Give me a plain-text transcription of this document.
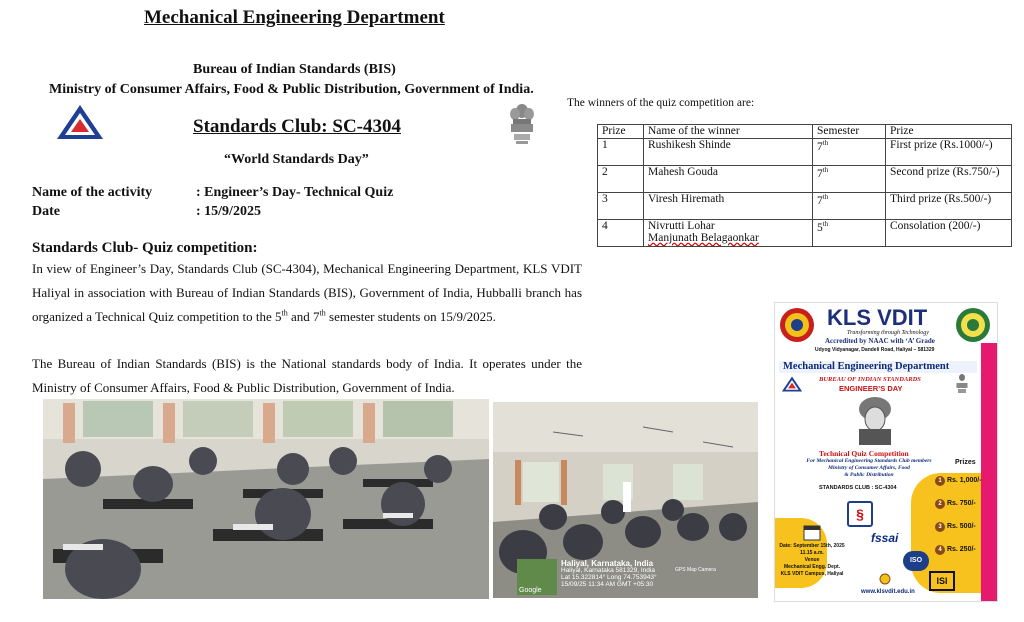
Mechanical Engineering Department
Bureau of Indian Standards (BIS)
Ministry of Consumer Affairs, Food & Public Distribution, Government of India.
Standards Club: SC-4304
“World Standards Day”
Name of the activity	: Engineer’s Day- Technical Quiz
Date	: 15/9/2025
Standards Club- Quiz competition:
In view of Engineer’s Day, Standards Club (SC-4304), Mechanical Engineering Department, KLS VDIT Haliyal in association with Bureau of Indian Standards (BIS), Government of India, Hubballi branch has organized a Technical Quiz competition to the 5th and 7th semester students on 15/9/2025.
The Bureau of Indian Standards (BIS) is the National standards body of India. It operates under the Ministry of Consumer Affairs, Food & Public Distribution, Government of India.
The winners of the quiz competition are:
Prize	Name of the winner	Semester	Prize
1	Rushikesh Shinde	7th	First prize (Rs.1000/-)
2	Mahesh Gouda	7th	Second prize (Rs.750/-)
3	Viresh Hiremath	7th	Third prize (Rs.500/-)
4	Nivrutti Lohar
Manjunath Belagaonkar	5th	Consolation (200/-)
Google
Haliyal, Karnataka, India
Haliyal, Karnataka 581329, India
Lat 15.322814° Long 74.753943°
15/09/25 11:34 AM GMT +05:30
GPS Map Camera
KLS VDIT
Transforming through Technology
Accredited by NAAC with ‘A’ Grade
Udyog Vidyanagar, Dandeli Road, Haliyal – 581329
Mechanical Engineering Department
BUREAU OF INDIAN STANDARDS
ENGINEER’S DAY
Technical Quiz Competition
For Mechanical Engineering Standards Club members
Ministry of Consumer Affairs, Food
& Public Distribution
STANDARDS CLUB : SC-4304
Prizes
1 Rs. 1,000/-
2 Rs. 750/-
3 Rs. 500/-
4 Rs. 250/-
Date: September 15th, 2025
11.15 a.m.
Venue
Mechanical Engg. Dept.
KLS VDIT Campus, Haliyal
§
fssai
ISO
ISI
www.klsvdit.edu.in
